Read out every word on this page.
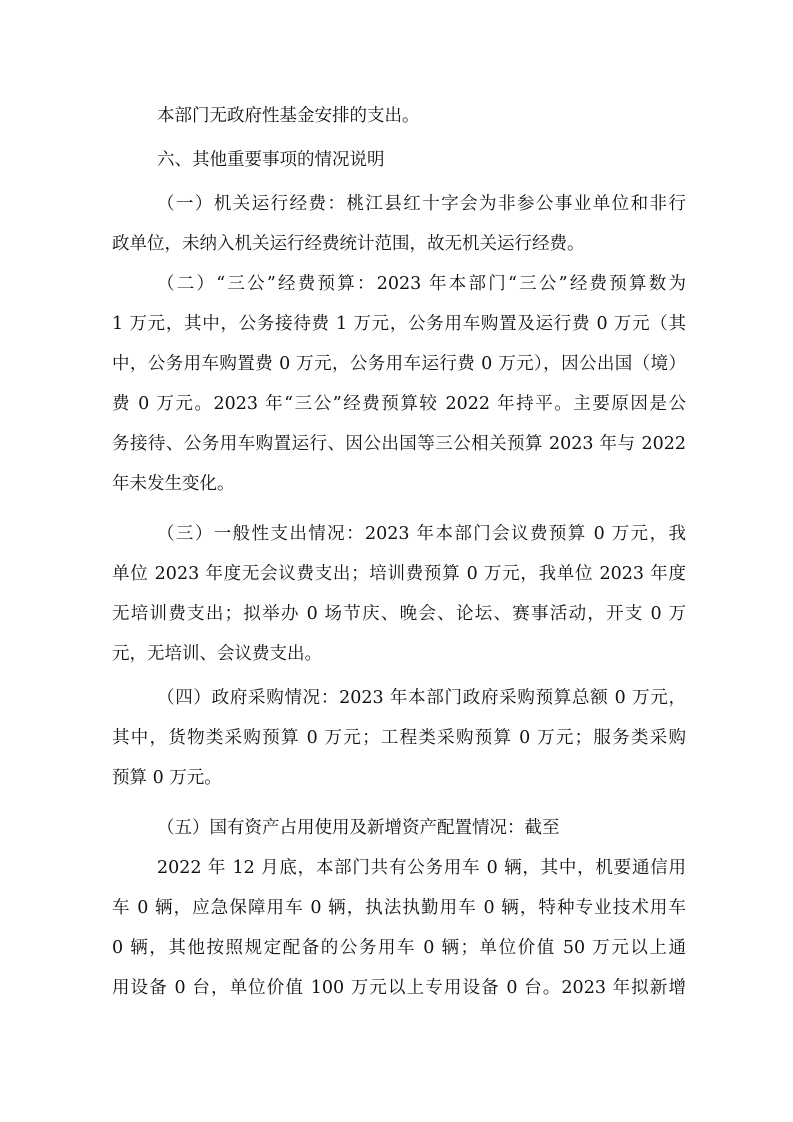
本部门无政府性基金安排的支出。
六、其他重要事项的情况说明
（一）机关运行经费：桃江县红十字会为非参公事业单位和非行
政单位，未纳入机关运行经费统计范围，故无机关运行经费。
（二）“三公”经费预算：2023 年本部门“三公”经费预算数为
1 万元，其中，公务接待费 1 万元，公务用车购置及运行费 0 万元（其
中，公务用车购置费 0 万元，公务用车运行费 0 万元），因公出国（境）
费 0 万元。2023 年“三公”经费预算较 2022 年持平。主要原因是公
务接待、公务用车购置运行、因公出国等三公相关预算 2023 年与 2022
年未发生变化。
（三）一般性支出情况：2023 年本部门会议费预算 0 万元，我
单位 2023 年度无会议费支出；培训费预算 0 万元，我单位 2023 年度
无培训费支出；拟举办 0 场节庆、晚会、论坛、赛事活动，开支 0 万
元，无培训、会议费支出。
（四）政府采购情况：2023 年本部门政府采购预算总额 0 万元，
其中，货物类采购预算 0 万元；工程类采购预算 0 万元；服务类采购
预算 0 万元。
（五）国有资产占用使用及新增资产配置情况：截至
2022 年 12 月底，本部门共有公务用车 0 辆，其中，机要通信用
车 0 辆，应急保障用车 0 辆，执法执勤用车 0 辆，特种专业技术用车
0 辆，其他按照规定配备的公务用车 0 辆；单位价值 50 万元以上通
用设备 0 台，单位价值 100 万元以上专用设备 0 台。2023 年拟新增
